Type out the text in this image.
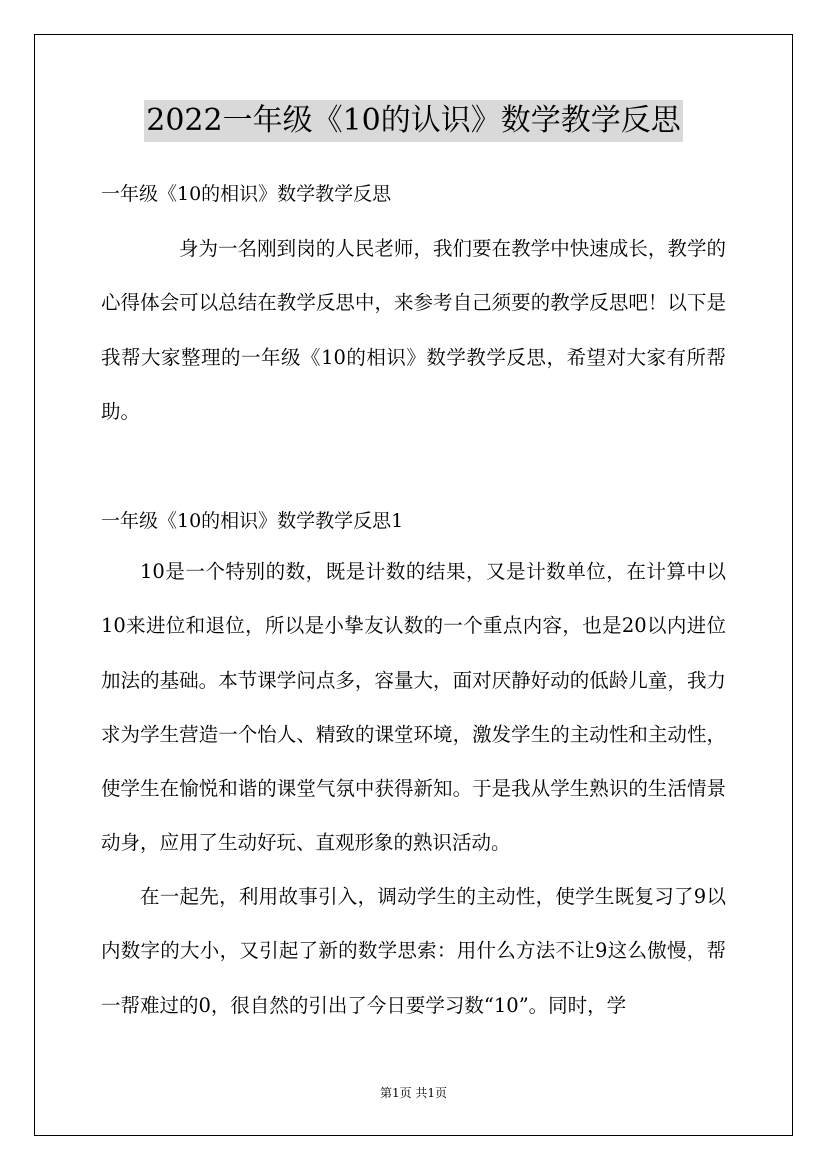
2022一年级《10的认识》数学教学反思
一年级《10的相识》数学教学反思
身为一名刚到岗的人民老师，我们要在教学中快速成长，教学的心得体会可以总结在教学反思中，来参考自己须要的教学反思吧！以下是我帮大家整理的一年级《10的相识》数学教学反思，希望对大家有所帮助。
一年级《10的相识》数学教学反思1
10是一个特别的数，既是计数的结果，又是计数单位，在计算中以10来进位和退位，所以是小挚友认数的一个重点内容，也是20以内进位加法的基础。本节课学问点多，容量大，面对厌静好动的低龄儿童，我力求为学生营造一个怡人、精致的课堂环境，激发学生的主动性和主动性，使学生在愉悦和谐的课堂气氛中获得新知。于是我从学生熟识的生活情景动身，应用了生动好玩、直观形象的熟识活动。
在一起先，利用故事引入，调动学生的主动性，使学生既复习了9以内数字的大小，又引起了新的数学思索：用什么方法不让9这么傲慢，帮一帮难过的0，很自然的引出了今日要学习数“10”。同时，学
第1页 共1页
